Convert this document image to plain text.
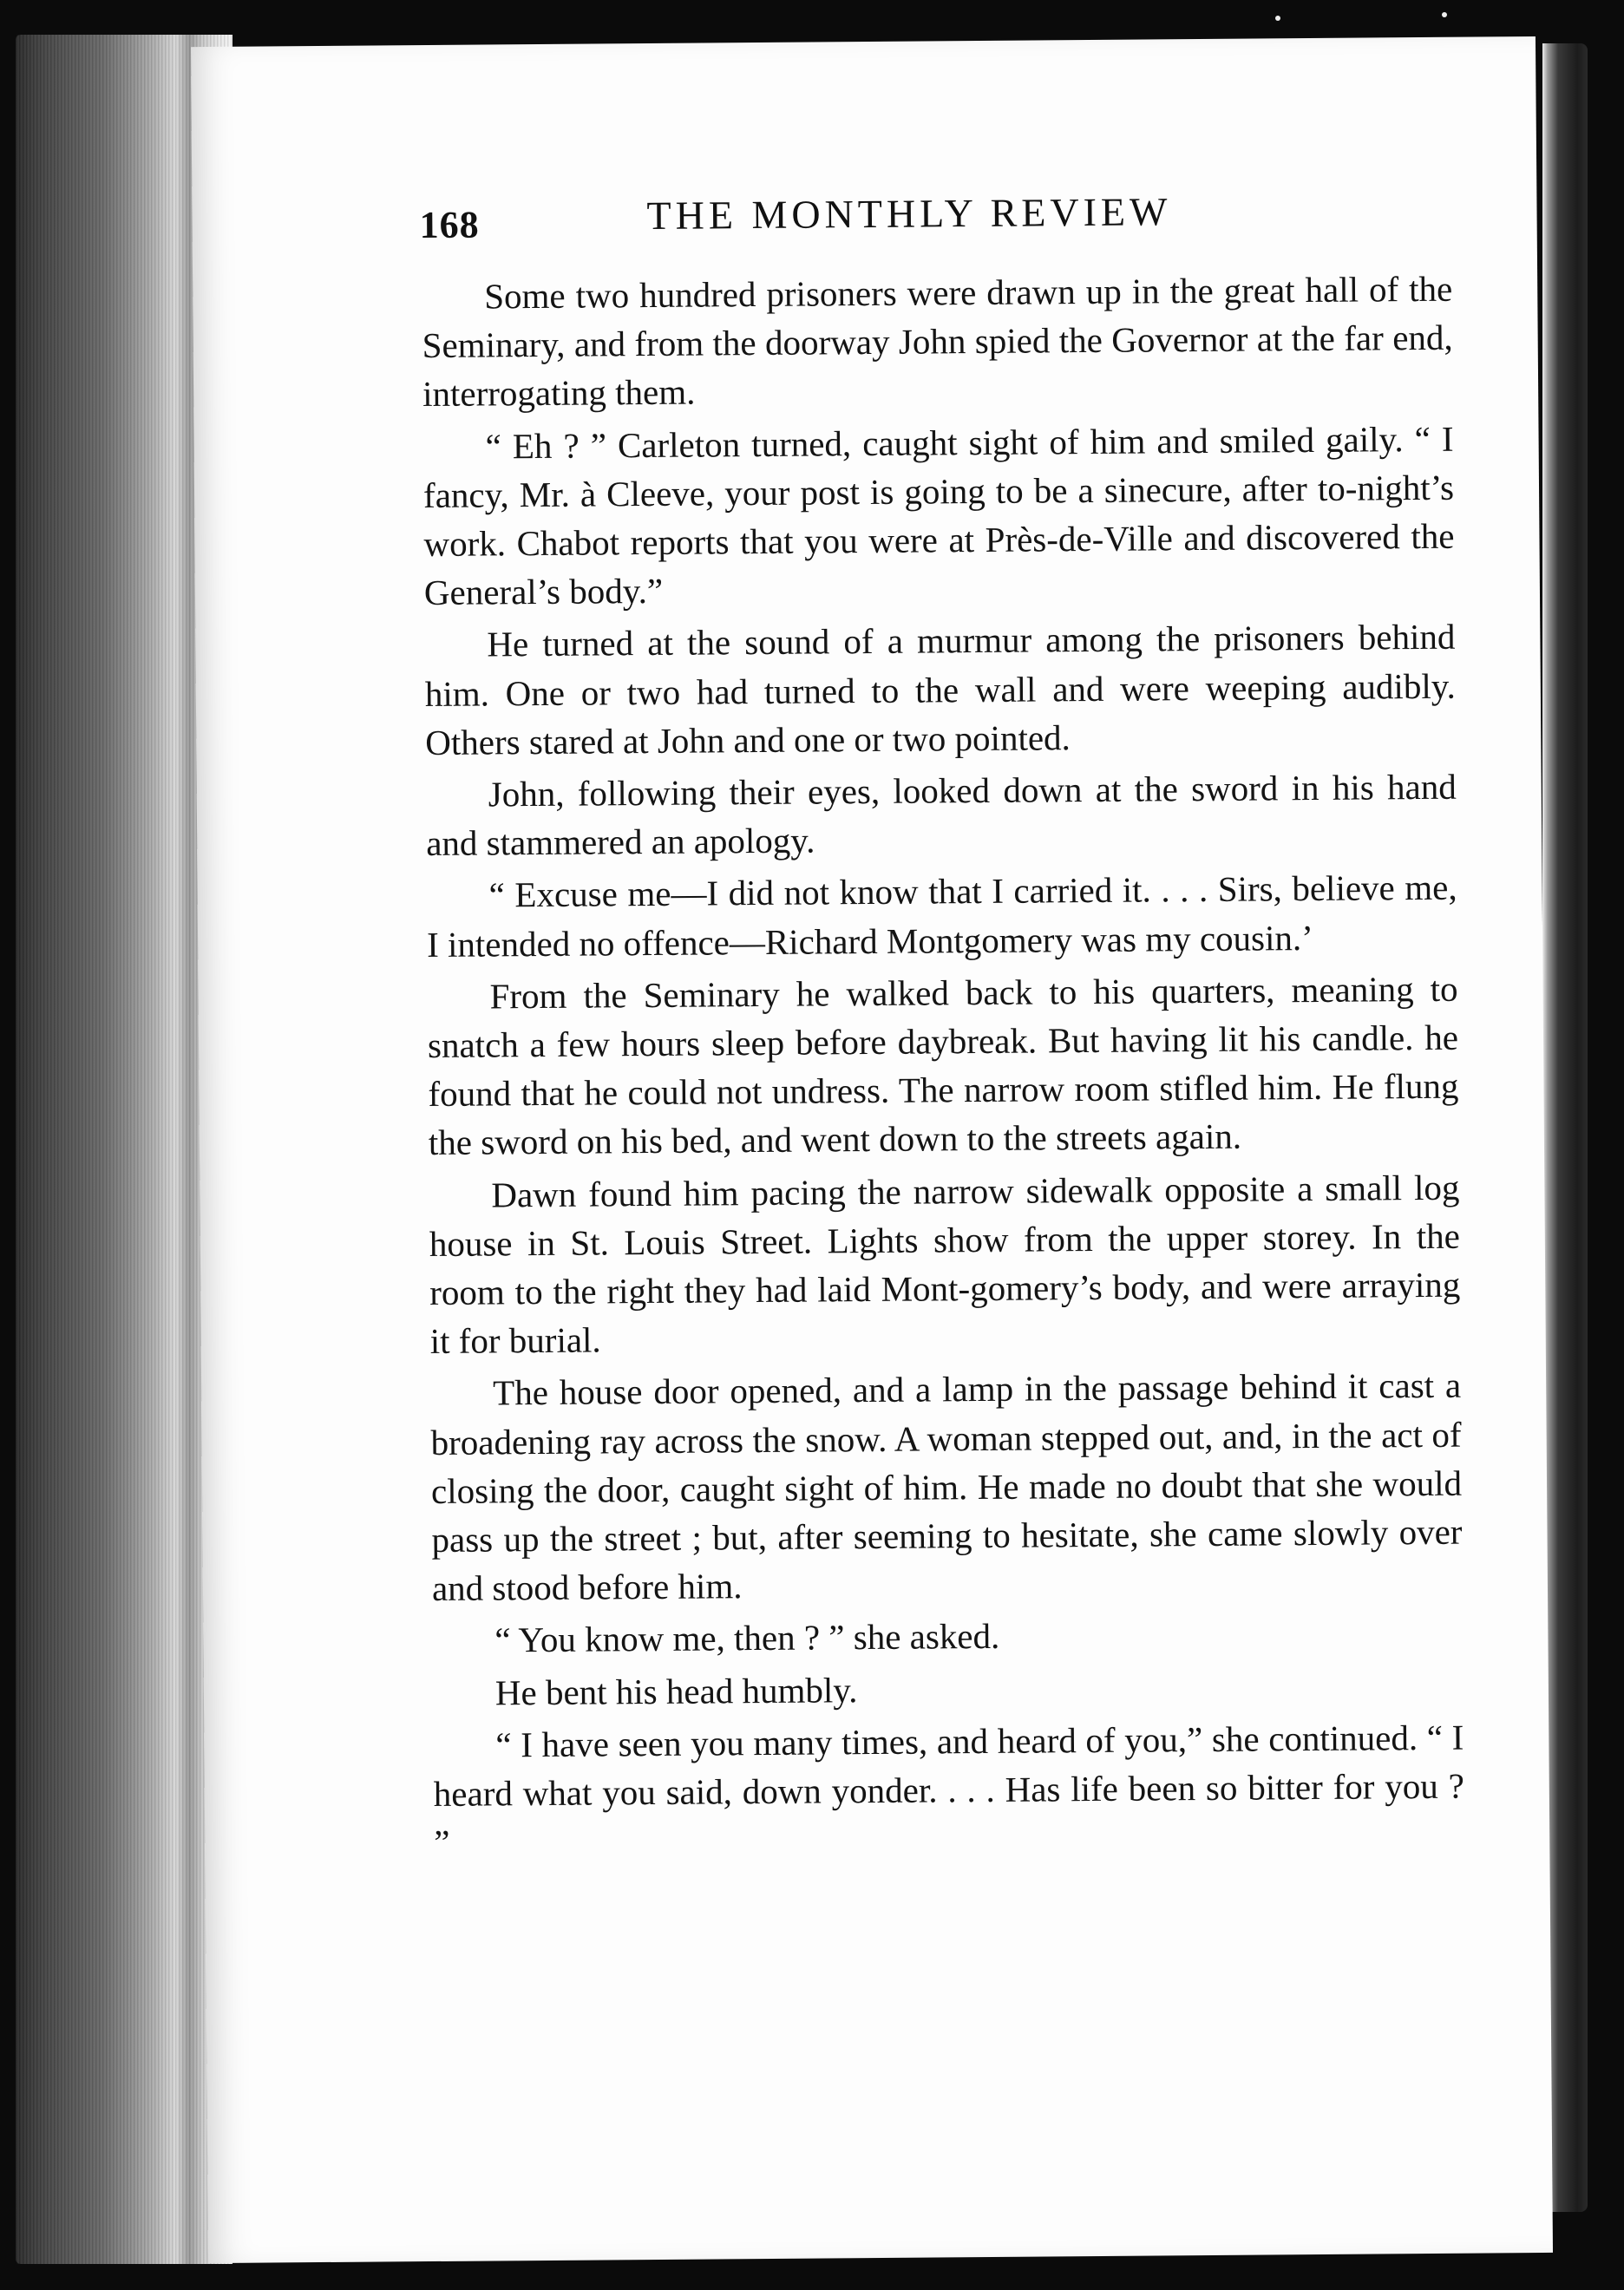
168	THE MONTHLY REVIEW

Some two hundred prisoners were drawn up in the great hall of the Seminary, and from the doorway John spied the Governor at the far end, interrogating them.

“ Eh ? ” Carleton turned, caught sight of him and smiled gaily. “ I fancy, Mr. à Cleeve, your post is going to be a sinecure, after to-night’s work. Chabot reports that you were at Près-de-Ville and discovered the General’s body.”

He turned at the sound of a murmur among the prisoners behind him. One or two had turned to the wall and were weeping audibly. Others stared at John and one or two pointed.

John, following their eyes, looked down at the sword in his hand and stammered an apology.

“ Excuse me—I did not know that I carried it. . . . Sirs, believe me, I intended no offence—Richard Montgomery was my cousin.’

From the Seminary he walked back to his quarters, meaning to snatch a few hours sleep before daybreak. But having lit his candle. he found that he could not undress. The narrow room stifled him. He flung the sword on his bed, and went down to the streets again.

Dawn found him pacing the narrow sidewalk opposite a small log house in St. Louis Street. Lights show from the upper storey. In the room to the right they had laid Mont-gomery’s body, and were arraying it for burial.

The house door opened, and a lamp in the passage behind it cast a broadening ray across the snow. A woman stepped out, and, in the act of closing the door, caught sight of him. He made no doubt that she would pass up the street ; but, after seeming to hesitate, she came slowly over and stood before him.

“ You know me, then ? ” she asked.

He bent his head humbly.

“ I have seen you many times, and heard of you,” she continued. “ I heard what you said, down yonder. . . . Has life been so bitter for you ? ”
